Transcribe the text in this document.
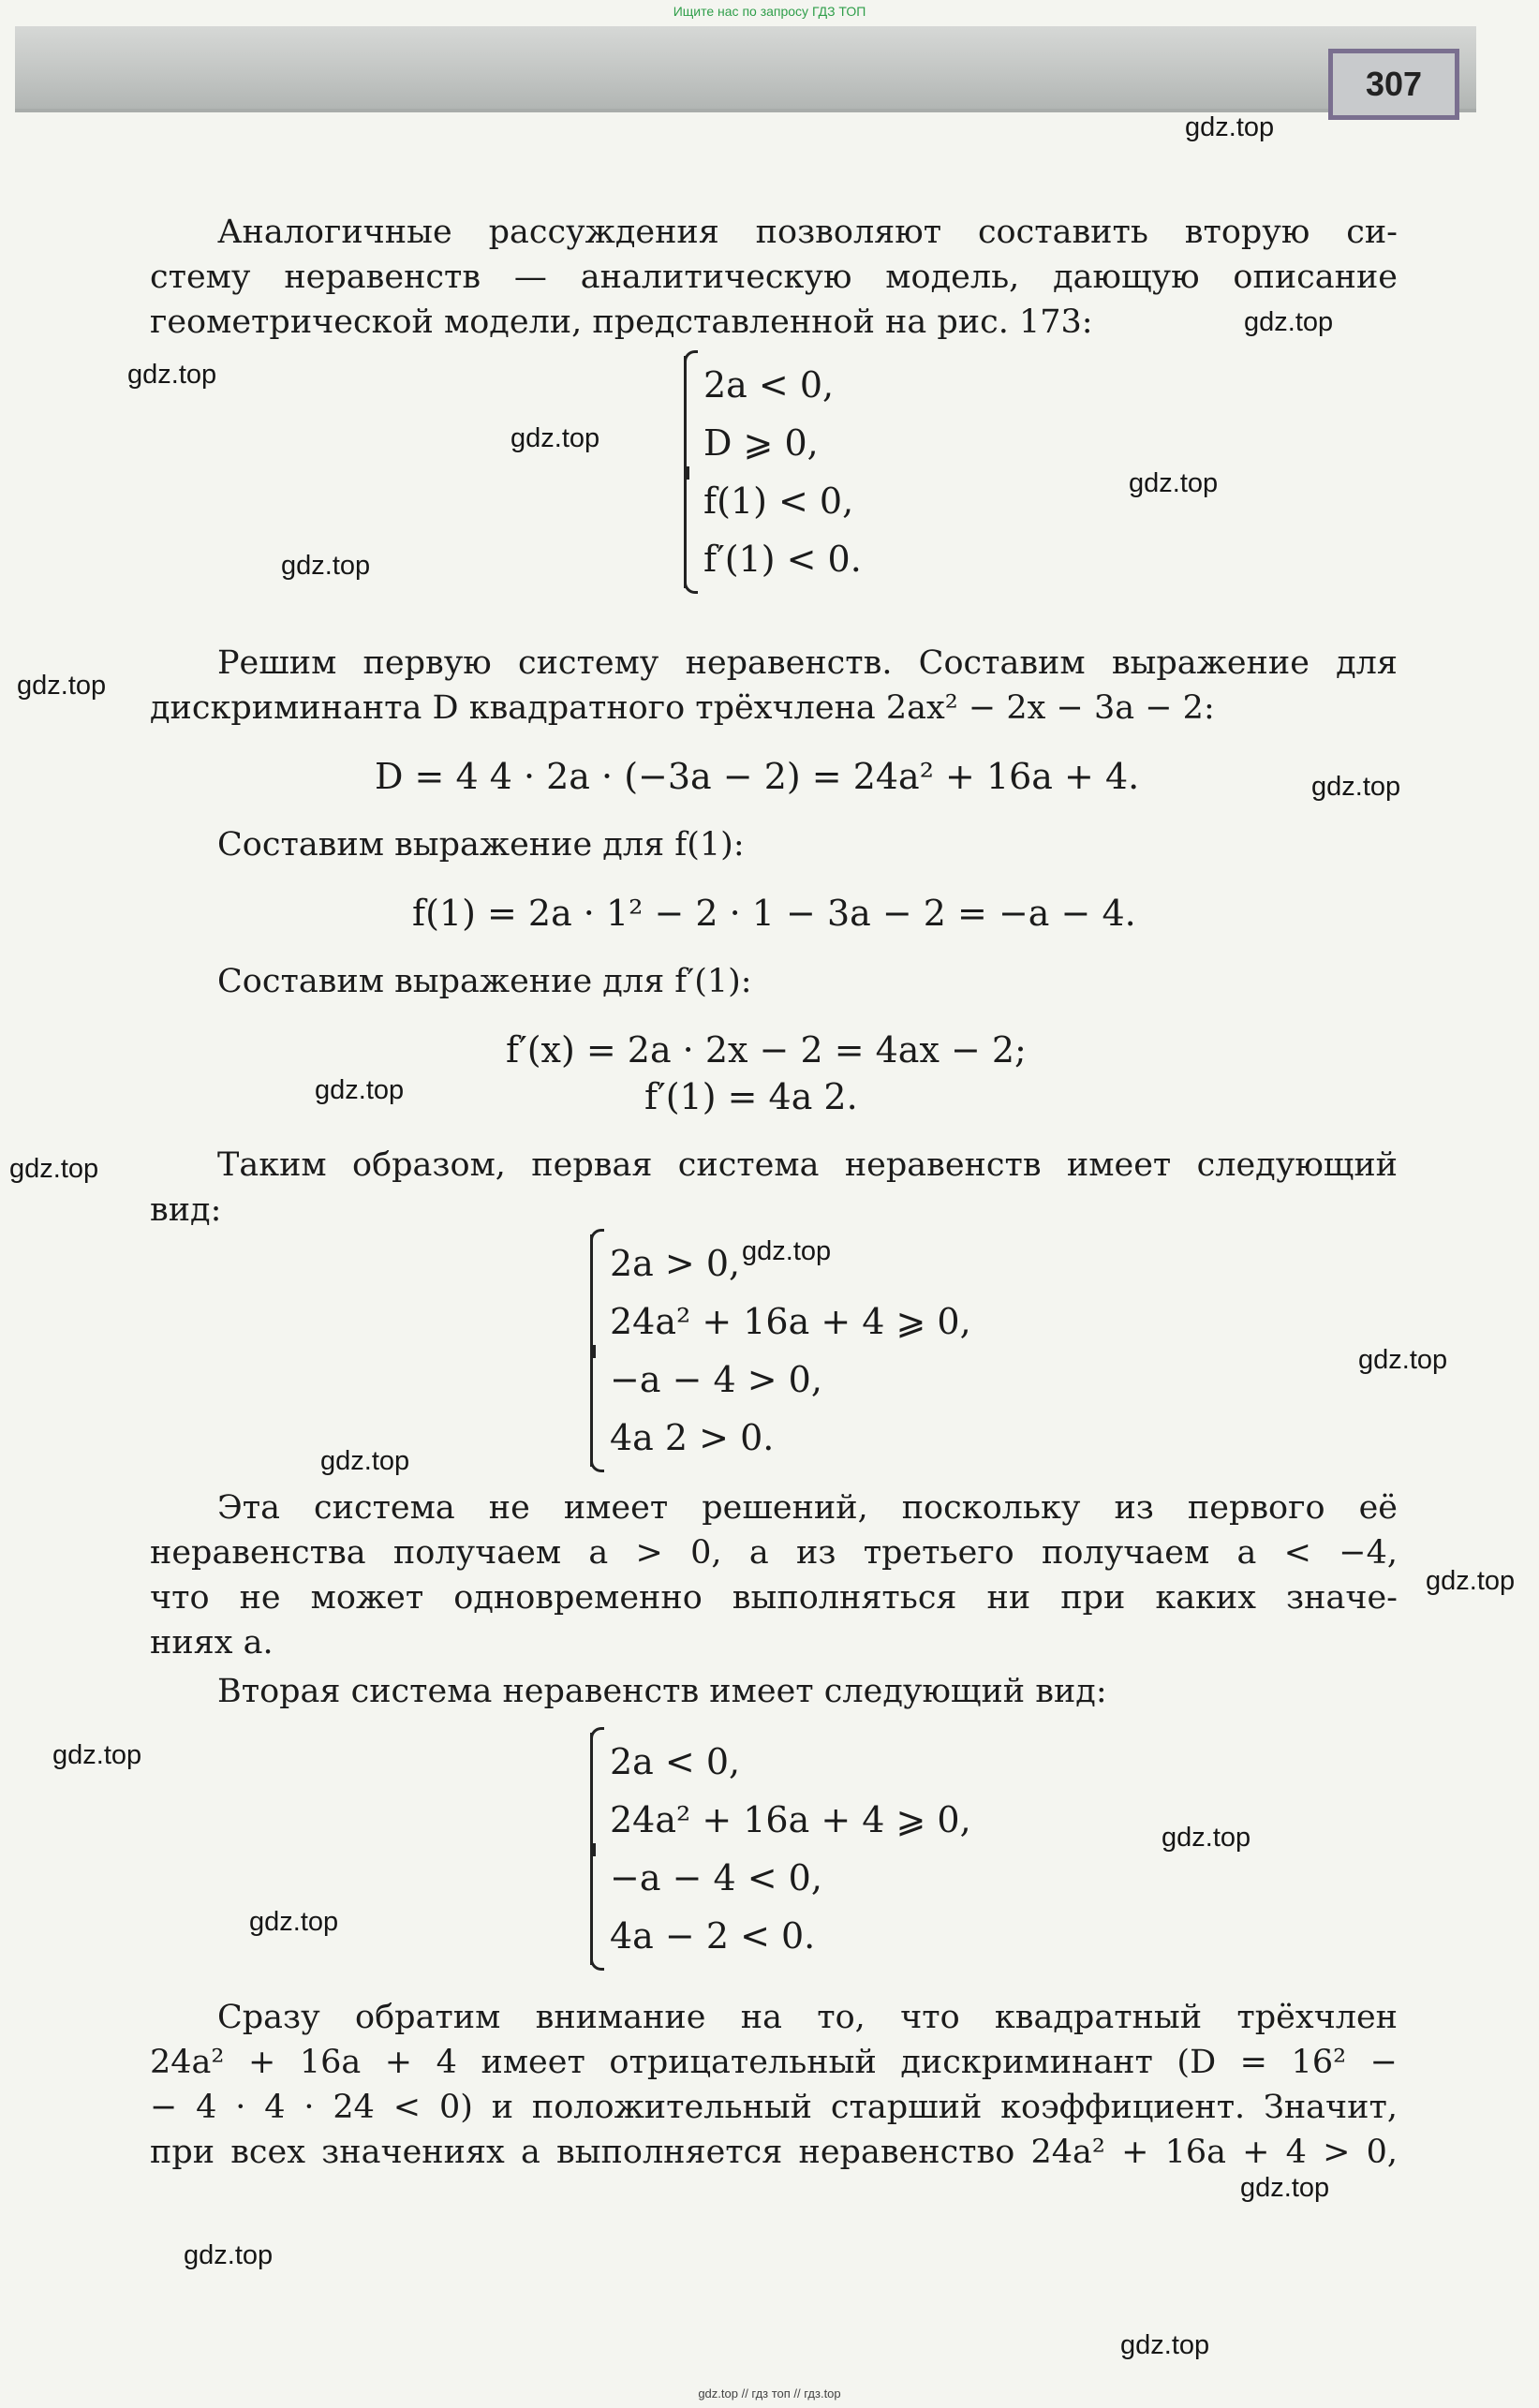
Ищите нас по запросу ГДЗ ТОП
307
Аналогичные рассуждения позволяют составить вторую си-
стему неравенств — аналитическую модель, дающую описание
геометрической модели, представленной на рис. 173:
2a < 0,
D ⩾ 0,
f(1) < 0,
f′(1) < 0.
Решим первую систему неравенств. Составим выражение для
дискриминанта D квадратного трёхчлена 2ax² − 2x − 3a − 2:
D = 4 4 · 2a · (−3a − 2) = 24a² + 16a + 4.
Составим выражение для f(1):
f(1) = 2a · 1² − 2 · 1 − 3a − 2 = −a − 4.
Составим выражение для f′(1):
f′(x) = 2a · 2x − 2 = 4ax − 2;
f′(1) = 4a 2.
Таким образом, первая система неравенств имеет следующий
вид:
2a > 0,
24a² + 16a + 4 ⩾ 0,
−a − 4 > 0,
4a 2 > 0.
Эта система не имеет решений, поскольку из первого её
неравенства получаем a > 0, а из третьего получаем a < −4,
что не может одновременно выполняться ни при каких значе-
ниях a.
Вторая система неравенств имеет следующий вид:
2a < 0,
24a² + 16a + 4 ⩾ 0,
−a − 4 < 0,
4a − 2 < 0.
Сразу обратим внимание на то, что квадратный трёхчлен
24a² + 16a + 4 имеет отрицательный дискриминант (D = 16² −
− 4 · 4 · 24 < 0) и положительный старший коэффициент. Значит,
при всех значениях a выполняется неравенство 24a² + 16a + 4 > 0,
gdz.top
gdz.top
gdz.top
gdz.top
gdz.top
gdz.top
gdz.top
gdz.top
gdz.top
gdz.top
gdz.top
gdz.top
gdz.top
gdz.top
gdz.top
gdz.top
gdz.top
gdz.top
gdz.top
gdz.top
gdz.top // гдз топ // гдз.top
